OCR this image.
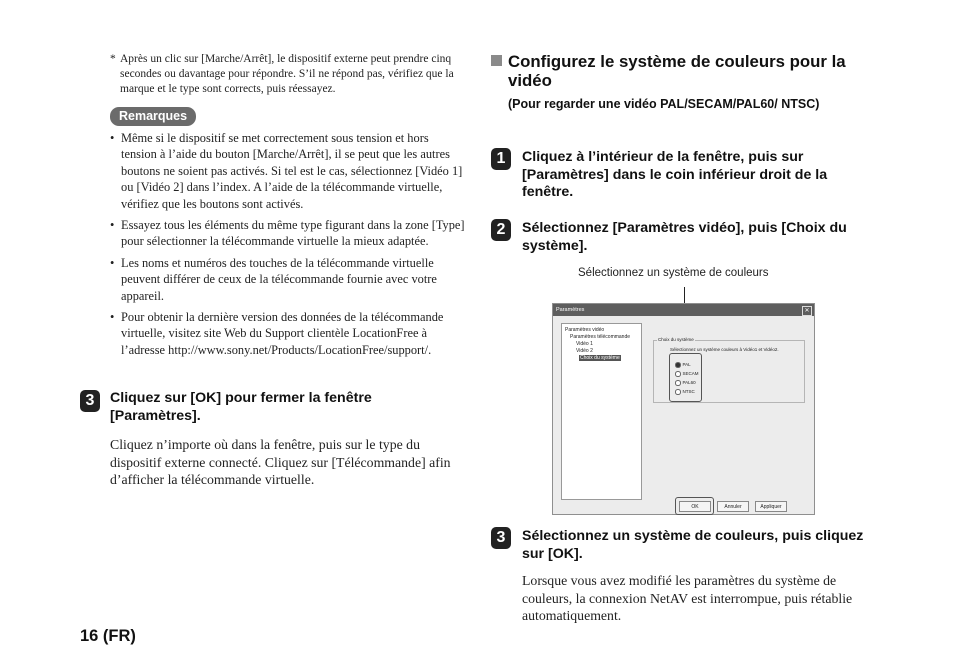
* Après un clic sur [Marche/Arrêt], le dispositif externe peut prendre cinq secondes ou davantage pour répondre. S’il ne répond pas, vérifiez que la marque et le type sont corrects, puis réessayez.
Remarques
• Même si le dispositif se met correctement sous tension et hors tension à l’aide du bouton [Marche/Arrêt], il se peut que les autres boutons ne soient pas activés. Si tel est le cas, sélectionnez [Vidéo 1] ou [Vidéo 2] dans l’index. A l’aide de la télécommande virtuelle, vérifiez que les boutons sont activés.
• Essayez tous les éléments du même type figurant dans la zone [Type] pour sélectionner la télécommande virtuelle la mieux adaptée.
• Les noms et numéros des touches de la télécommande virtuelle peuvent différer de ceux de la télécommande fournie avec votre appareil.
• Pour obtenir la dernière version des données de la télécommande virtuelle, visitez site Web du Support clientèle LocationFree à l’adresse http://www.sony.net/Products/LocationFree/support/.
3	Cliquez sur [OK] pour fermer la fenêtre [Paramètres].
Cliquez n’importe où dans la fenêtre, puis sur le type du dispositif externe connecté. Cliquez sur [Télécommande] afin d’afficher la télécommande virtuelle.
Configurez le système de couleurs pour la vidéo
(Pour regarder une vidéo PAL/SECAM/PAL60/ NTSC)
1	Cliquez à l’intérieur de la fenêtre, puis sur [Paramètres] dans le coin inférieur droit de la fenêtre.
2	Sélectionnez [Paramètres vidéo], puis [Choix du système].
Sélectionnez un système de couleurs
Paramètres	✕
Paramètres vidéo
Paramètres télécommande
Vidéo 1
Vidéo 2
Choix du système
Choix du système
Sélectionnez un système couleurs à Vidéo1 et Vidéo2.
PAL
SECAM
PAL60
NTSC
OK	Annuler	Appliquer
3	Sélectionnez un système de couleurs, puis cliquez sur [OK].
Lorsque vous avez modifié les paramètres du système de couleurs, la connexion NetAV est interrompue, puis rétablie automatiquement.
16 (FR)
